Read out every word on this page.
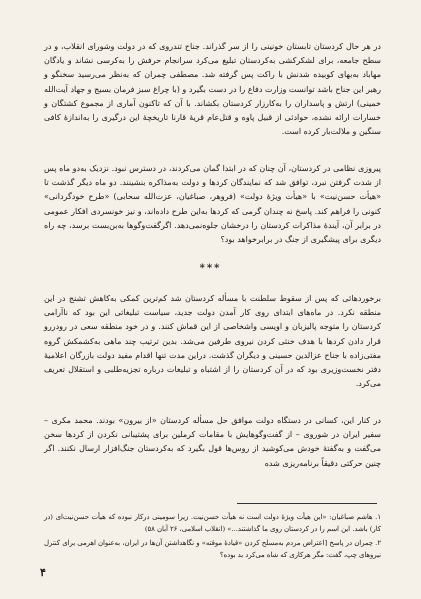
در هر حال کردستان تابستان خونینی را از سر گذراند. جناح تندروی که در دولت وشورای انقلاب، و در سطح جامعه، برای لشکرکشی به‌کردستان تبلیغ می‌کرد سرانجام حرفش را به‌کرسی نشاند و یادگان مهاباد به‌بهای کوبیده شدنش با راکت پس گرفته شد. مصطفی چمران که به‌نظر می‌رسید سخنگو و رهبر این جناح باشد توانست وزارت دفاع را در دست بگیرد و (با چراغ سبز فرمان بسیج و جهاد آیت‌الله خمینی) ارتش و پاسداران را به‌کارزار کردستان بکشاند. با آن که تاکنون آماری از مجموع کشتگان و خسارات ارائه نشده، حوادثی از قبیل پاوه و قتل‌عام قریهٔ قارنا تاریخچهٔ این درگیری را به‌اندازهٔ کافی سنگین و ملالت‌بار کرده است.

پیروزی نظامی در کردستان، آن چنان که در ابتدا گمان می‌کردند، در دسترس نبود. نزدیک به‌دو ماه پس از شدت گرفتن نبرد، توافق شد که نمایندگان کردها و دولت به‌مذاکره بنشینند. دو ماه دیگر گذشت تا «هیأت حسن‌نیت» با «هیأت ویژهٔ دولت» (فروهر، صباغیان، عزت‌الله سحابی) «طرح خودگردانی» کنونی را فراهم کند. پاسخ نه چندان گرمی که کردها به‌این طرح داده‌اند، و نیز خونسردی افکار عمومی در برابر آن، آیندهٔ مذاکرات کردستان را درخشان جلوه‌نمی‌دهد. اگرگفت‌وگوها به‌بن‌بست برسد، چه راه دیگری برای پیشگیری از جنگ در برابرخواهد بود؟

***

برخوردهائی که پس از سقوط سلطنت با مسأله کردستان شد کم‌ترین کمکی به‌کاهش تشنج در این منطقه نکرد. در ماه‌های ابتدای روی کار آمدن دولت جدید، سیاست تبلیغاتی این بود که ناآرامی کردستان را متوجه پالیزبان و اویسی واشخاصی از این قماش کنند. و در خود منطقه سعی در رودررو قرار دادن کردها با هدف خنثی کردن نیروی طرفین می‌شد. بدین ترتیب چند ماهی به‌کشمکش گروه مفتی‌زاده با جناح عزالدین حسینی و دیگران گذشت. دراین مدت تنها اقدام مفید دولت بازرگان اعلامیهٔ دفتر نخست‌وزیری بود که در آن کردستان را از اشتباه و تبلیغات درباره تجزیه‌طلبی و استقلال تعریف می‌کرد.

در کنار این، کسانی در دستگاه دولت موافق حل مسأله کردستان «از بیرون» بودند. محمد مکری – سفیر ایران در شوروی – از گفت‌وگوهایش با مقامات کرملین برای پشتیبانی نکردن از کردها سخن می‌گفت و به‌گفتهٔ خودش می‌کوشید از روس‌ها قول بگیرد که به‌کردستان جنگ‌افزار ارسال نکنند. اگر چنین حرکتی دقیقاً برنامه‌ریزی شده

۱. هاشم صباغیان: «این هیأت ویژهٔ دولت است نه هیأت حسن‌نیت. زیرا سومینی درکار نبوده که هیأت حسن‌نیت‌ای (در کار) باشد. این اسم را در کردستان روی ما گذاشتند...» (انقلاب اسلامی، ۲۶ آبان ۵۸)

۲. چمران در پاسخ [اعتراض مردم به‌مسلح کردن «قیادهٔ موقته» و نگاهداشتن آن‌ها در ایران، به‌عنوان اهرمی برای کنترل نیروهای چپ، گفت: مگر هرکاری که شاه می‌کرد بد بوده؟

۴
